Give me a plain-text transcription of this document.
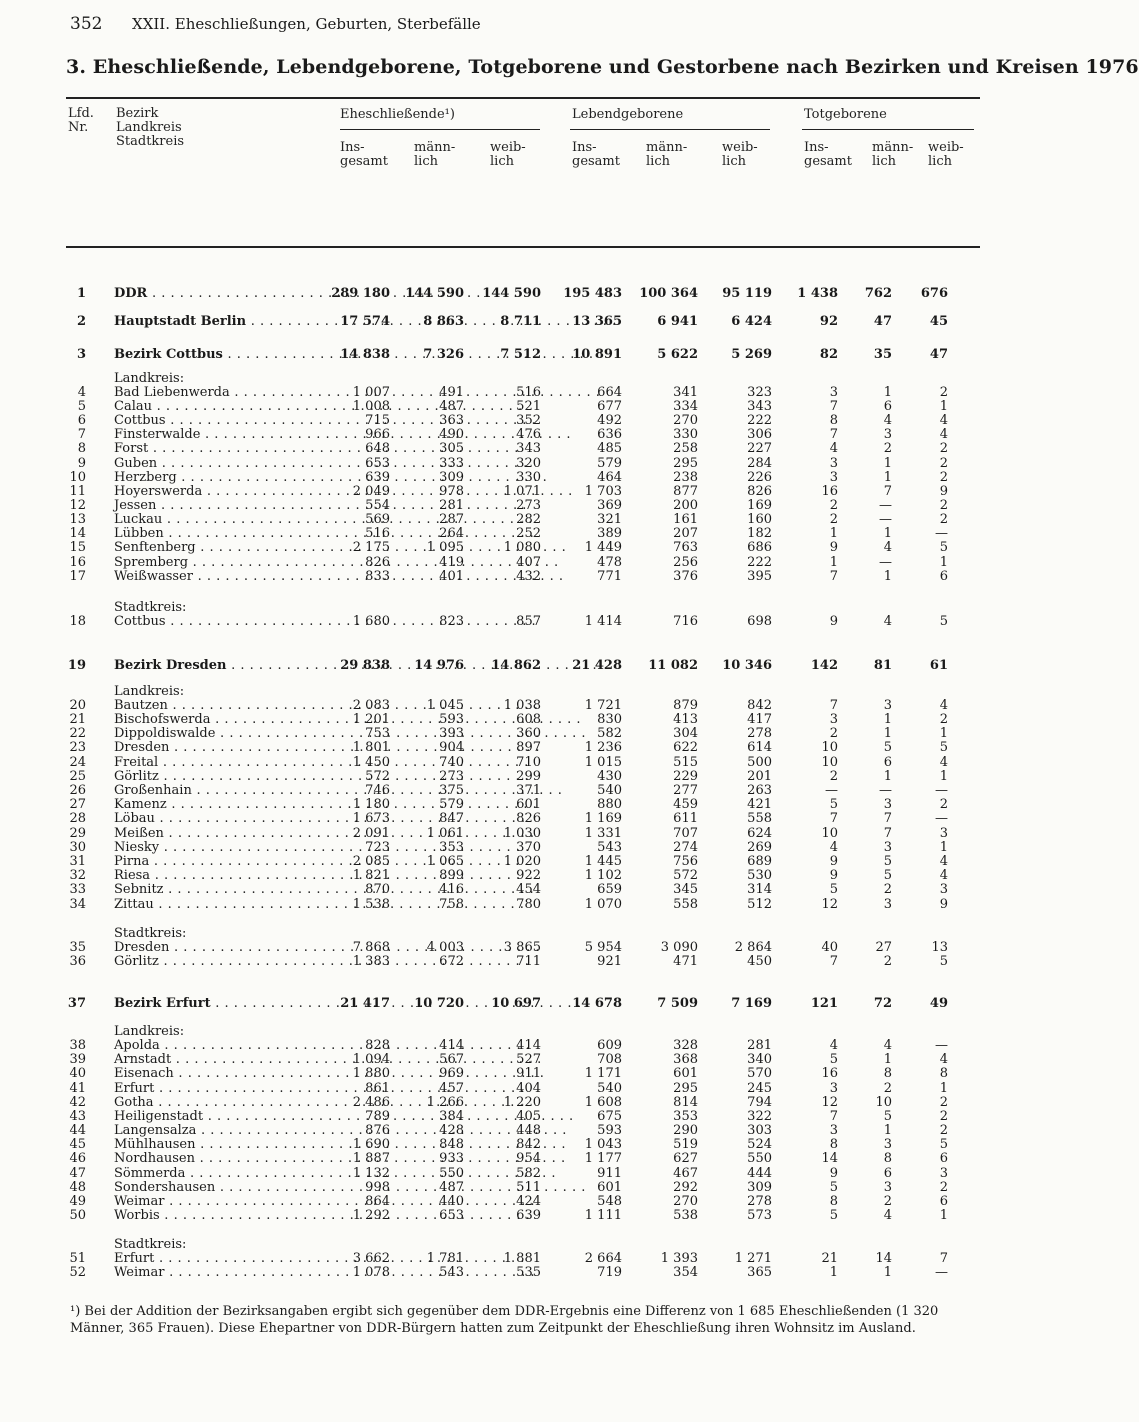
352 XXII. Eheschließungen, Geburten, Sterbefälle
3. Eheschließende, Lebendgeborene, Totgeborene und Gestorbene nach Bezirken und Kreisen 1976
Lfd.
Nr.
Bezirk
Landkreis
Stadtkreis
Eheschließende¹)	Lebendgeborene	Totgeborene
Ins-
gesamt
männ-
lich
weib-
lich
Ins-
gesamt
männ-
lich
weib-
lich
Ins-
gesamt
männ-
lich
weib-
lich
Landkreis:
Stadtkreis:
Landkreis:
Stadtkreis:
Landkreis:
Stadtkreis:
1 DDR . . .	289 180	144 590	144 590	195 483	100 364	95 119	1 438	762	676
2 Hauptstadt Berlin . . .	17 574	8 863	8 711	13 365	6 941	6 424	92	47	45
3 Bezirk Cottbus . . .	14 838	7 326	7 512	10 891	5 622	5 269	82	35	47
4 Bad Liebenwerda . . .	1 007	491	516	664	341	323	3	1	2
5 Calau . . .	1 008	487	521	677	334	343	7	6	1
6 Cottbus . . .	715	363	352	492	270	222	8	4	4
7 Finsterwalde . . .	966	490	476	636	330	306	7	3	4
8 Forst . . .	648	305	343	485	258	227	4	2	2
9 Guben . . .	653	333	320	579	295	284	3	1	2
10 Herzberg . . .	639	309	330	464	238	226	3	1	2
11 Hoyerswerda . . .	2 049	978	1 071	1 703	877	826	16	7	9
12 Jessen . . .	554	281	273	369	200	169	2	—	2
13 Luckau . . .	569	287	282	321	161	160	2	—	2
14 Lübben . . .	516	264	252	389	207	182	1	1	—
15 Senftenberg . . .	2 175	1 095	1 080	1 449	763	686	9	4	5
16 Spremberg . . .	826	419	407	478	256	222	1	—	1
17 Weißwasser . . .	833	401	432	771	376	395	7	1	6
18 Cottbus . . .	1 680	823	857	1 414	716	698	9	4	5
19 Bezirk Dresden . . .	29 838	14 976	14 862	21 428	11 082	10 346	142	81	61
20 Bautzen . . .	2 083	1 045	1 038	1 721	879	842	7	3	4
21 Bischofswerda . . .	1 201	593	608	830	413	417	3	1	2
22 Dippoldiswalde . . .	753	393	360	582	304	278	2	1	1
23 Dresden . . .	1 801	904	897	1 236	622	614	10	5	5
24 Freital . . .	1 450	740	710	1 015	515	500	10	6	4
25 Görlitz . . .	572	273	299	430	229	201	2	1	1
26 Großenhain . . .	746	375	371	540	277	263	—	—	—
27 Kamenz . . .	1 180	579	601	880	459	421	5	3	2
28 Löbau . . .	1 673	847	826	1 169	611	558	7	7	—
29 Meißen . . .	2 091	1 061	1 030	1 331	707	624	10	7	3
30 Niesky . . .	723	353	370	543	274	269	4	3	1
31 Pirna . . .	2 085	1 065	1 020	1 445	756	689	9	5	4
32 Riesa . . .	1 821	899	922	1 102	572	530	9	5	4
33 Sebnitz . . .	870	416	454	659	345	314	5	2	3
34 Zittau . . .	1 538	758	780	1 070	558	512	12	3	9
35 Dresden . . .	7 868	4 003	3 865	5 954	3 090	2 864	40	27	13
36 Görlitz . . .	1 383	672	711	921	471	450	7	2	5
37 Bezirk Erfurt . . .	21 417	10 720	10 697	14 678	7 509	7 169	121	72	49
38 Apolda . . .	828	414	414	609	328	281	4	4	—
39 Arnstadt . . .	1 094	567	527	708	368	340	5	1	4
40 Eisenach . . .	1 880	969	911	1 171	601	570	16	8	8
41 Erfurt . . .	861	457	404	540	295	245	3	2	1
42 Gotha . . .	2 486	1 266	1 220	1 608	814	794	12	10	2
43 Heiligenstadt . . .	789	384	405	675	353	322	7	5	2
44 Langensalza . . .	876	428	448	593	290	303	3	1	2
45 Mühlhausen . . .	1 690	848	842	1 043	519	524	8	3	5
46 Nordhausen . . .	1 887	933	954	1 177	627	550	14	8	6
47 Sömmerda . . .	1 132	550	582	911	467	444	9	6	3
48 Sondershausen . . .	998	487	511	601	292	309	5	3	2
49 Weimar . . .	864	440	424	548	270	278	8	2	6
50 Worbis . . .	1 292	653	639	1 111	538	573	5	4	1
51 Erfurt . . .	3 662	1 781	1 881	2 664	1 393	1 271	21	14	7
52 Weimar . . .	1 078	543	535	719	354	365	1	1	—
¹) Bei der Addition der Bezirksangaben ergibt sich gegenüber dem DDR-Ergebnis eine Differenz von 1 685 Eheschließenden (1 320 Männer, 365 Frauen). Diese Ehepartner von DDR-Bürgern hatten zum Zeitpunkt der Eheschließung ihren Wohnsitz im Ausland.
